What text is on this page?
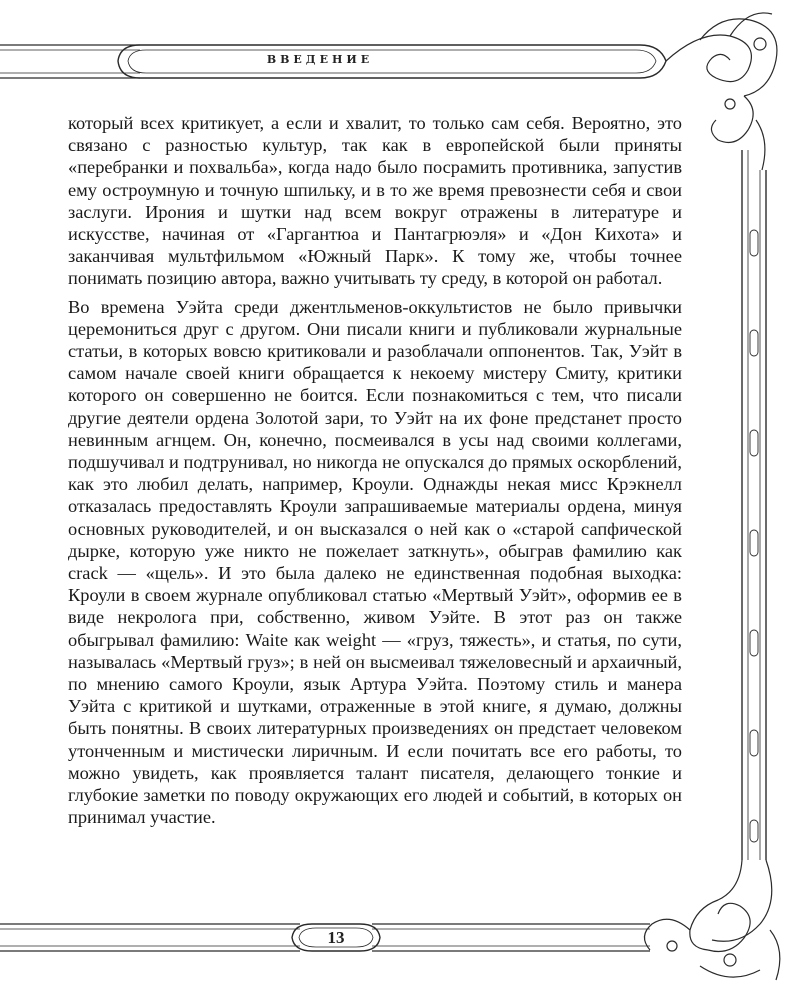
ВВЕДЕНИЕ

который всех критикует, а если и хвалит, то только сам себя. Вероятно, это связано с разностью культур, так как в европейской были приняты «перебранки и похвальба», когда надо было посрамить противника, запустив ему остроумную и точную шпильку, и в то же время превознести себя и свои заслуги. Ирония и шутки над всем вокруг отражены в литературе и искусстве, начиная от «Гаргантюа и Пантагрюэля» и «Дон Кихота» и заканчивая мультфильмом «Южный Парк». К тому же, чтобы точнее понимать позицию автора, важно учитывать ту среду, в которой он работал.

Во времена Уэйта среди джентльменов-оккультистов не было привычки церемониться друг с другом. Они писали книги и публиковали журнальные статьи, в которых вовсю критиковали и разоблачали оппонентов. Так, Уэйт в самом начале своей книги обращается к некоему мистеру Смиту, критики которого он совершенно не боится. Если познакомиться с тем, что писали другие деятели ордена Золотой зари, то Уэйт на их фоне предстанет просто невинным агнцем. Он, конечно, посмеивался в усы над своими коллегами, подшучивал и подтрунивал, но никогда не опускался до прямых оскорблений, как это любил делать, например, Кроули. Однажды некая мисс Крэкнелл отказалась предоставлять Кроули запрашиваемые материалы ордена, минуя основных руководителей, и он высказался о ней как о «старой сапфической дырке, которую уже никто не пожелает заткнуть», обыграв фамилию как crack — «щель». И это была далеко не единственная подобная выходка: Кроули в своем журнале опубликовал статью «Мертвый Уэйт», оформив ее в виде некролога при, собственно, живом Уэйте. В этот раз он также обыгрывал фамилию: Waite как weight — «груз, тяжесть», и статья, по сути, называлась «Мертвый груз»; в ней он высмеивал тяжеловесный и архаичный, по мнению самого Кроули, язык Артура Уэйта. Поэтому стиль и манера Уэйта с критикой и шутками, отраженные в этой книге, я думаю, должны быть понятны. В своих литературных произведениях он предстает человеком утонченным и мистически лиричным. И если почитать все его работы, то можно увидеть, как проявляется талант писателя, делающего тонкие и глубокие заметки по поводу окружающих его людей и событий, в которых он принимал участие.

13
